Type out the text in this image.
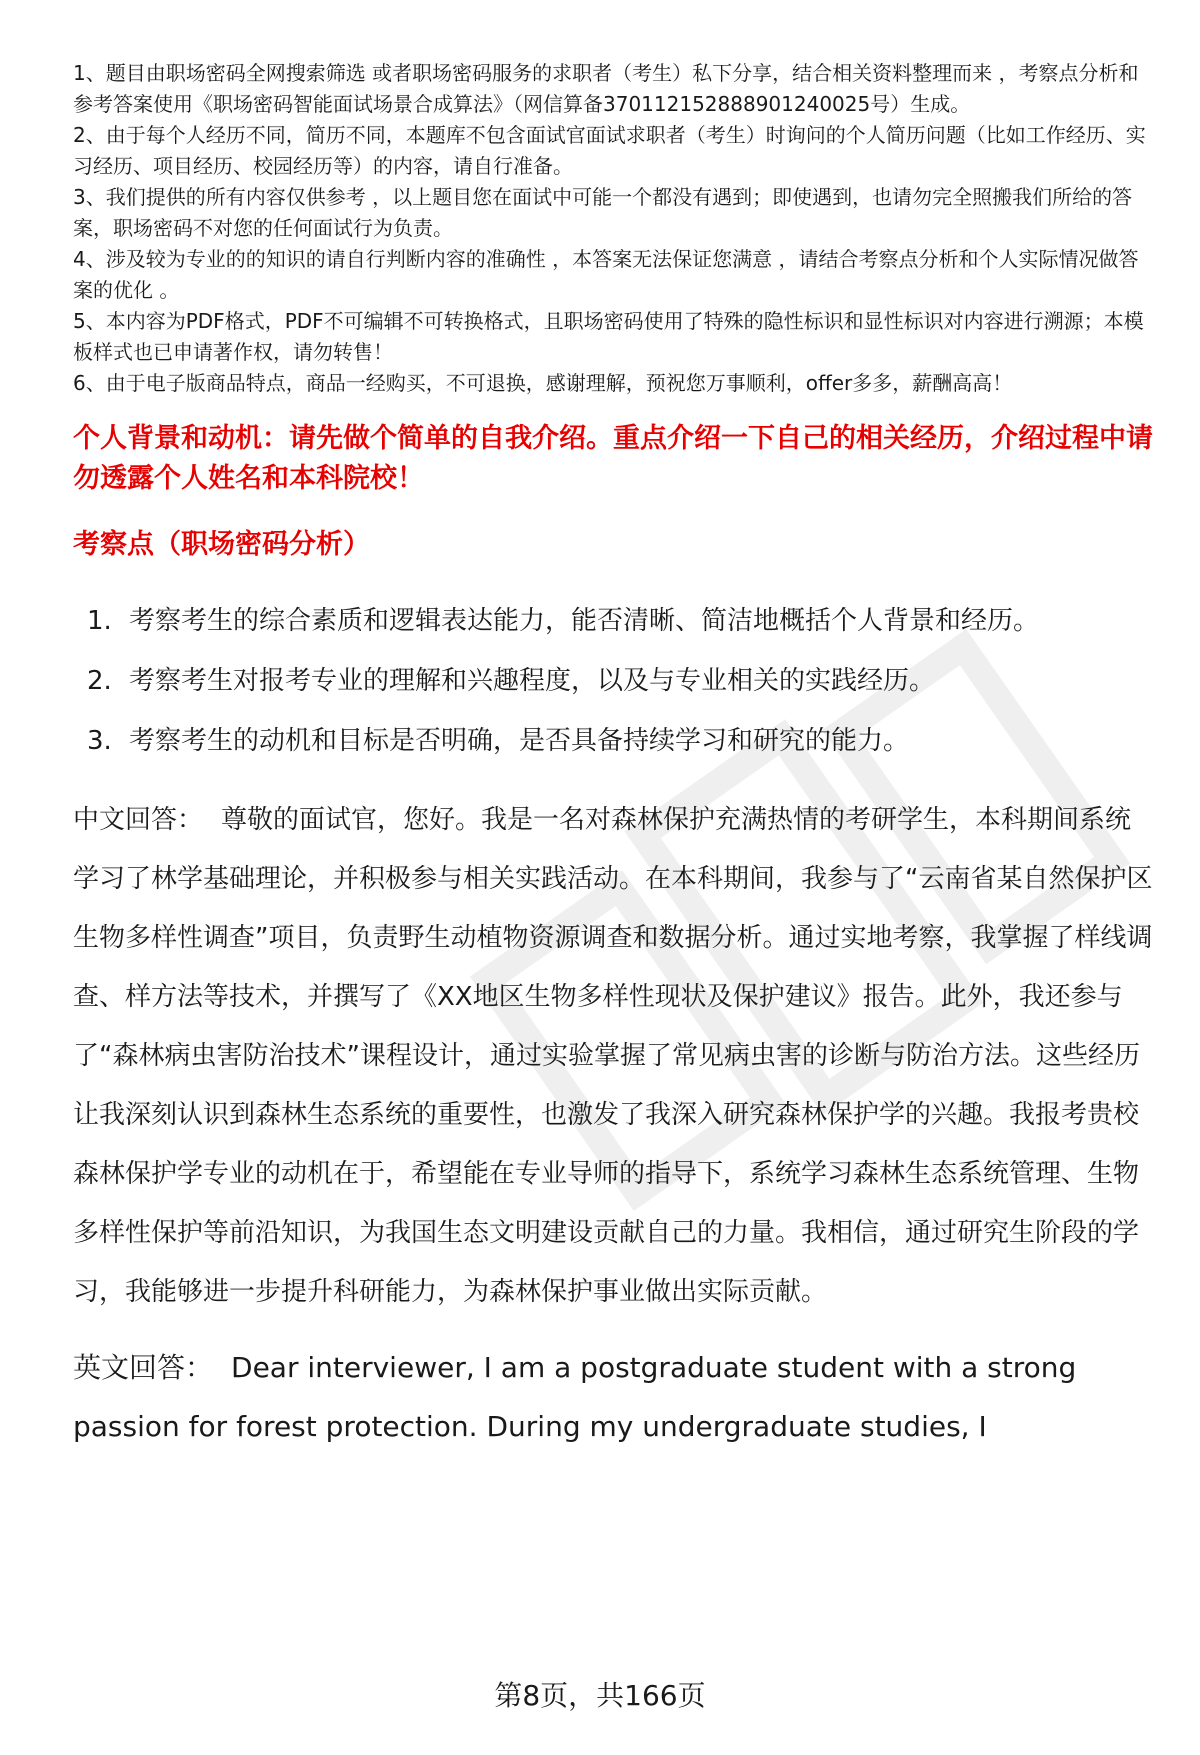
1、题目由职场密码全网搜索筛选 或者职场密码服务的求职者（考生）私下分享，结合相关资料整理而来 ，考察点分析和参考答案使用《职场密码智能面试场景合成算法》（网信算备370112152888901240025号）生成。

2、由于每个人经历不同，简历不同，本题库不包含面试官面试求职者（考生）时询问的个人简历问题（比如工作经历、实习经历、项目经历、校园经历等）的内容，请自行准备。

3、我们提供的所有内容仅供参考 ，以上题目您在面试中可能一个都没有遇到；即使遇到，也请勿完全照搬我们所给的答案，职场密码不对您的任何面试行为负责。

4、涉及较为专业的的知识的请自行判断内容的准确性 ，本答案无法保证您满意 ，请结合考察点分析和个人实际情况做答案的优化 。

5、本内容为PDF格式，PDF不可编辑不可转换格式，且职场密码使用了特殊的隐性标识和显性标识对内容进行溯源；本模板样式也已申请著作权，请勿转售！

6、由于电子版商品特点，商品一经购买，不可退换，感谢理解，预祝您万事顺利，offer多多，薪酬高高！

个人背景和动机：请先做个简单的自我介绍。重点介绍一下自己的相关经历，介绍过程中请勿透露个人姓名和本科院校！
考察点（职场密码分析）
1. 考察考生的综合素质和逻辑表达能力，能否清晰、简洁地概括个人背景和经历。
2. 考察考生对报考专业的理解和兴趣程度，以及与专业相关的实践经历。
3. 考察考生的动机和目标是否明确，是否具备持续学习和研究的能力。
中文回答： 尊敬的面试官，您好。我是一名对森林保护充满热情的考研学生，本科期间系统学习了林学基础理论，并积极参与相关实践活动。在本科期间，我参与了“云南省某自然保护区生物多样性调查”项目，负责野生动植物资源调查和数据分析。通过实地考察，我掌握了样线调查、样方法等技术，并撰写了《XX地区生物多样性现状及保护建议》报告。此外，我还参与了“森林病虫害防治技术”课程设计，通过实验掌握了常见病虫害的诊断与防治方法。这些经历让我深刻认识到森林生态系统的重要性，也激发了我深入研究森林保护学的兴趣。我报考贵校森林保护学专业的动机在于，希望能在专业导师的指导下，系统学习森林生态系统管理、生物多样性保护等前沿知识，为我国生态文明建设贡献自己的力量。我相信，通过研究生阶段的学习，我能够进一步提升科研能力，为森林保护事业做出实际贡献。
英文回答： Dear interviewer, I am a postgraduate student with a strong passion for forest protection. During my undergraduate studies, I
第8页，共166页
